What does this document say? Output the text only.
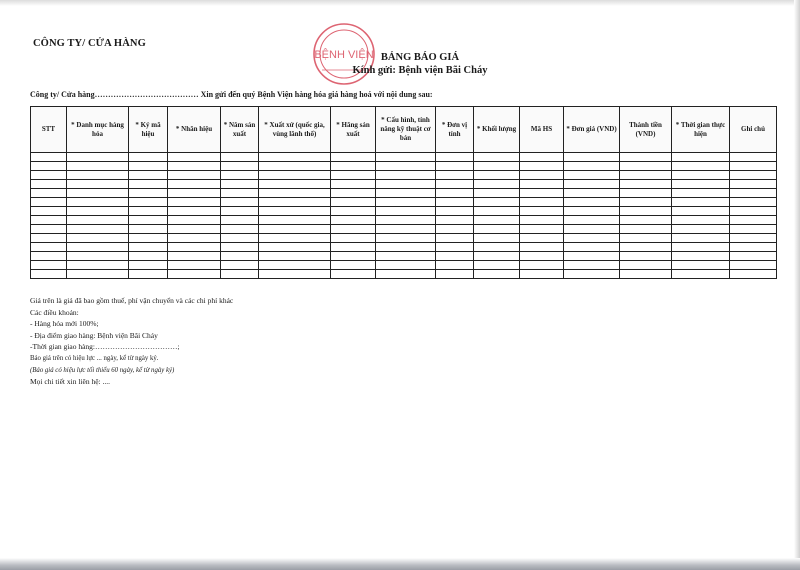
CÔNG TY/ CỬA HÀNG
BỆNH VIỆN BẢNG BÁO GIÁ
Kính gửi: Bệnh viện Bãi Cháy
Công ty/ Cửa hàng………………………………… Xin gửi đến quý Bệnh Viện hàng hóa giá hàng hoá với nội dung sau:
STT	* Danh mục hàng hóa	* Ký mã hiệu	* Nhãn hiệu	* Năm sản xuất	* Xuất xứ (quốc gia, vùng lãnh thổ)	* Hãng sản xuất	* Cấu hình, tính năng kỹ thuật cơ bản	* Đơn vị tính	* Khối lượng	Mã HS	* Đơn giá (VND)	Thành tiền (VND)	* Thời gian thực hiện	Ghi chú

Giá trên là giá đã bao gồm thuế, phí vận chuyển và các chi phí khác
Các điều khoản:
- Hàng hóa mới 100%;
- Địa điểm giao hàng: Bệnh viện Bãi Cháy
-Thời gian giao hàng:……………………………;
Báo giá trên có hiệu lực ... ngày, kể từ ngày ký.
(Báo giá có hiệu lực tối thiểu 60 ngày, kể từ ngày ký)
Mọi chi tiết xin liên hệ: ....
